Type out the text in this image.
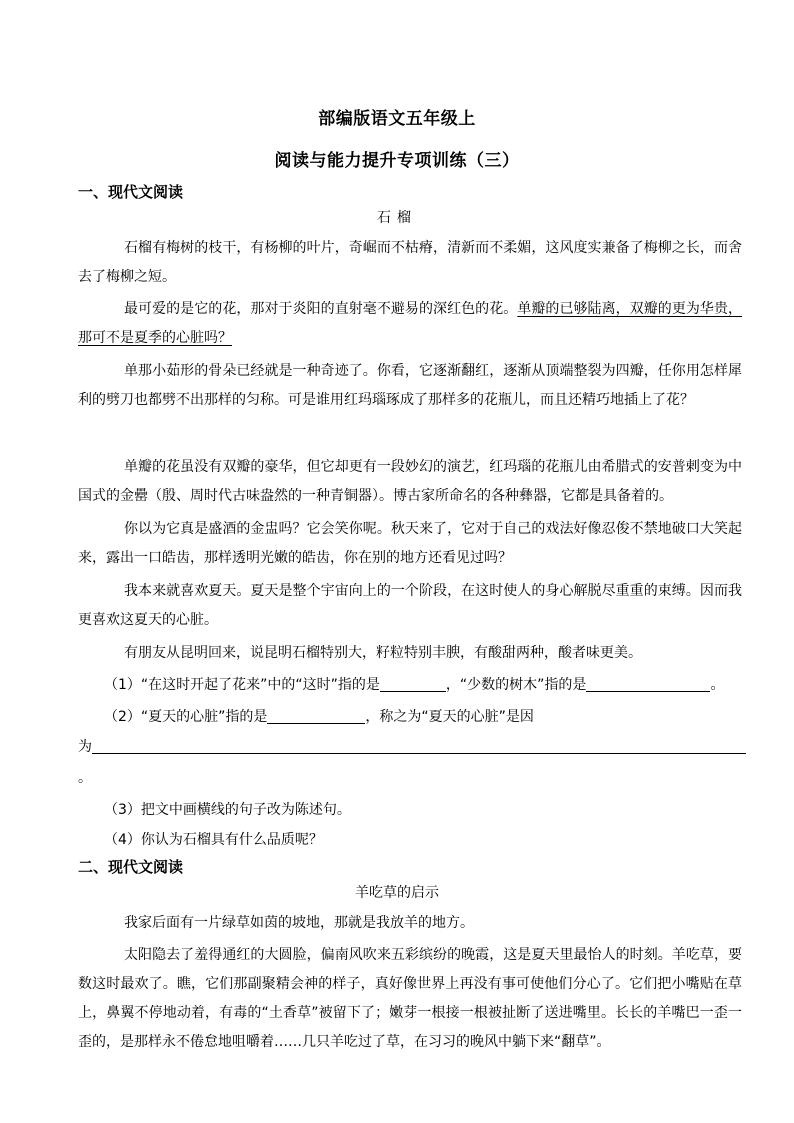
部编版语文五年级上
阅读与能力提升专项训练（三）
一、现代文阅读
石榴
石榴有梅树的枝干，有杨柳的叶片，奇崛而不枯瘠，清新而不柔媚，这风度实兼备了梅柳之长，而舍去了梅柳之短。
最可爱的是它的花，那对于炎阳的直射毫不避易的深红色的花。单瓣的已够陆离，双瓣的更为华贵，那可不是夏季的心脏吗？
单那小茹形的骨朵已经就是一种奇迹了。你看，它逐渐翻红，逐渐从顶端整裂为四瓣，任你用怎样犀利的劈刀也都劈不出那样的匀称。可是谁用红玛瑙琢成了那样多的花瓶儿，而且还精巧地插上了花？
单瓣的花虽没有双瓣的豪华，但它却更有一段妙幻的演艺，红玛瑙的花瓶儿由希腊式的安普剌变为中国式的金罍（殷、周时代古味盎然的一种青铜器）。博古家所命名的各种彝器，它都是具备着的。
你以为它真是盛酒的金盅吗？它会笑你呢。秋天来了，它对于自己的戏法好像忍俊不禁地破口大笑起来，露出一口皓齿，那样透明光嫩的皓齿，你在别的地方还看见过吗？
我本来就喜欢夏天。夏天是整个宇宙向上的一个阶段，在这时使人的身心解脱尽重重的束缚。因而我更喜欢这夏天的心脏。
有朋友从昆明回来，说昆明石榴特别大，籽粒特别丰腴，有酸甜两种，酸者味更美。
（1）“在这时开起了花来”中的“这时”指的是	，“少数的树木”指的是	。
（2）“夏天的心脏”指的是	，称之为“夏天的心脏”是因
为
。
（3）把文中画横线的句子改为陈述句。
（4）你认为石榴具有什么品质呢？
二、现代文阅读
羊吃草的启示
我家后面有一片绿草如茵的坡地，那就是我放羊的地方。
太阳隐去了羞得通红的大圆脸，偏南风吹来五彩缤纷的晚霞，这是夏天里最怡人的时刻。羊吃草，要数这时最欢了。瞧，它们那副聚精会神的样子，真好像世界上再没有事可使他们分心了。它们把小嘴贴在草上，鼻翼不停地动着，有毒的“土香草”被留下了；嫩芽一根接一根被扯断了送进嘴里。长长的羊嘴巴一歪一歪的，是那样永不倦怠地咀嚼着……几只羊吃过了草，在习习的晚风中躺下来“翻草”。
